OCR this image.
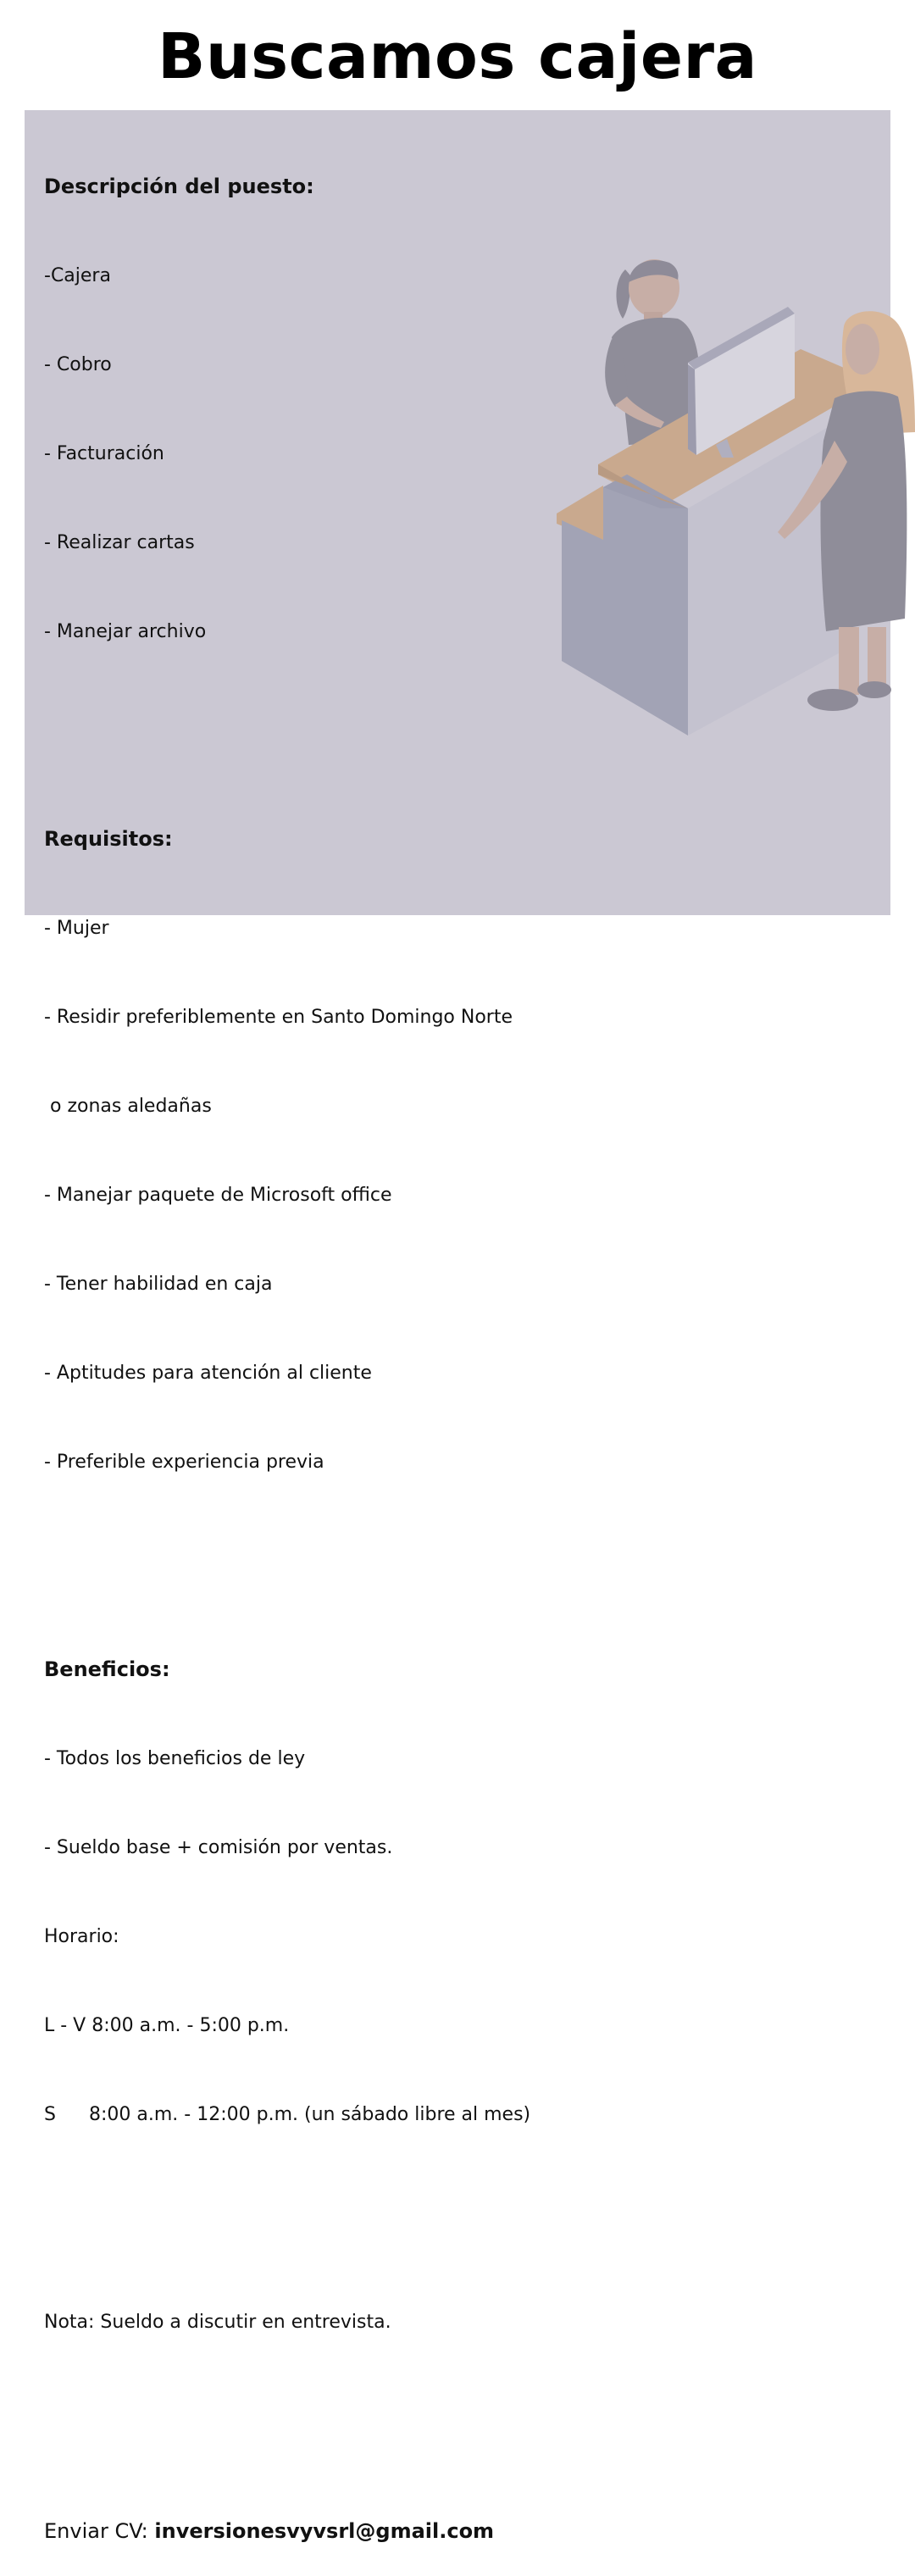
Buscamos cajera

Descripción del puesto:

-Cajera

- Cobro

- Facturación

- Realizar cartas

- Manejar archivo

Requisitos:

- Mujer

- Residir preferiblemente en Santo Domingo Norte

o zonas aledañas

- Manejar paquete de Microsoft office

- Tener habilidad en caja

- Aptitudes para atención al cliente

- Preferible experiencia previa

Beneficios:

- Todos los beneficios de ley

- Sueldo base + comisión por ventas.

Horario:

L - V 8:00 a.m. - 5:00 p.m.

S	8:00 a.m. - 12:00 p.m. (un sábado libre al mes)

Nota: Sueldo a discutir en entrevista.

Enviar CV: inversionesvyvsrl@gmail.com
